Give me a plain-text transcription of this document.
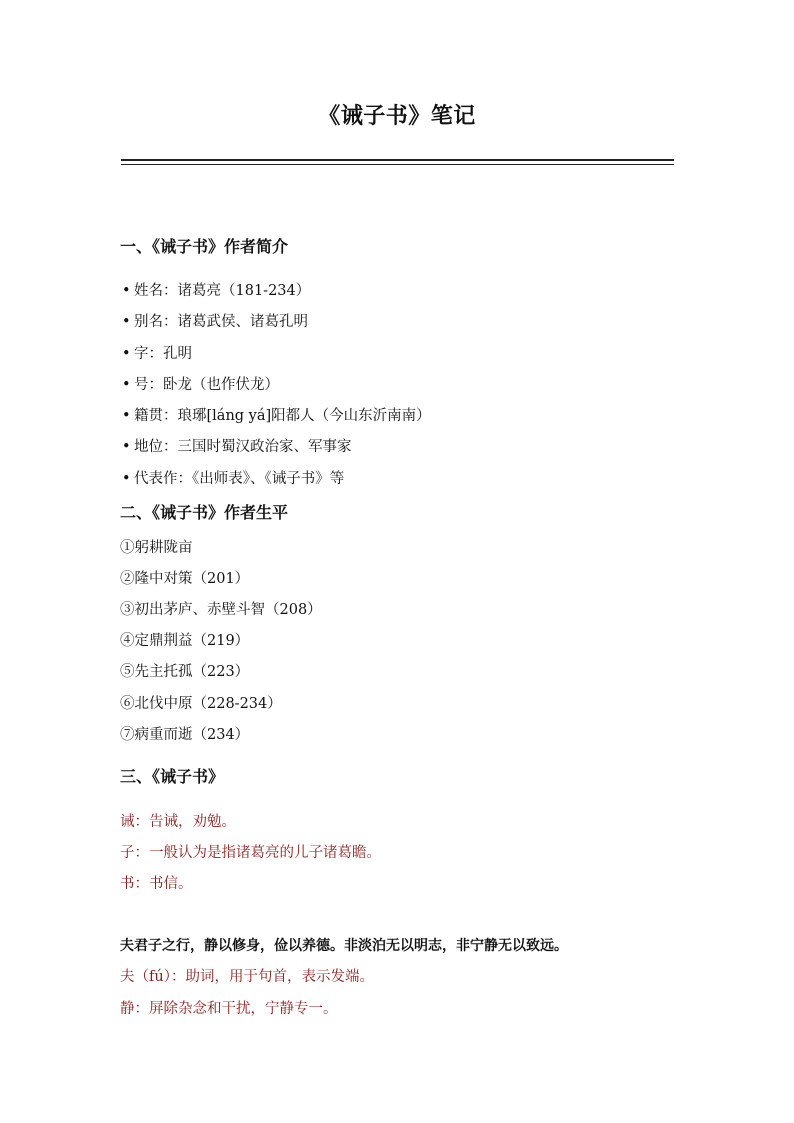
《诫子书》笔记
一、《诫子书》作者简介
• 姓名：诸葛亮（181-234）
• 别名：诸葛武侯、诸葛孔明
• 字：孔明
• 号：卧龙（也作伏龙）
• 籍贯：琅琊[láng yá]阳都人（今山东沂南南）
• 地位：三国时蜀汉政治家、军事家
• 代表作：《出师表》、《诫子书》等
二、《诫子书》作者生平
①躬耕陇亩
②隆中对策（201）
③初出茅庐、赤壁斗智（208）
④定鼎荆益（219）
⑤先主托孤（223）
⑥北伐中原（228-234）
⑦病重而逝（234）
三、《诫子书》
诫：告诫，劝勉。
子：一般认为是指诸葛亮的儿子诸葛瞻。
书：书信。
夫君子之行，静以修身，俭以养德。非淡泊无以明志，非宁静无以致远。
夫（fú）：助词，用于句首，表示发端。
静：屏除杂念和干扰，宁静专一。
